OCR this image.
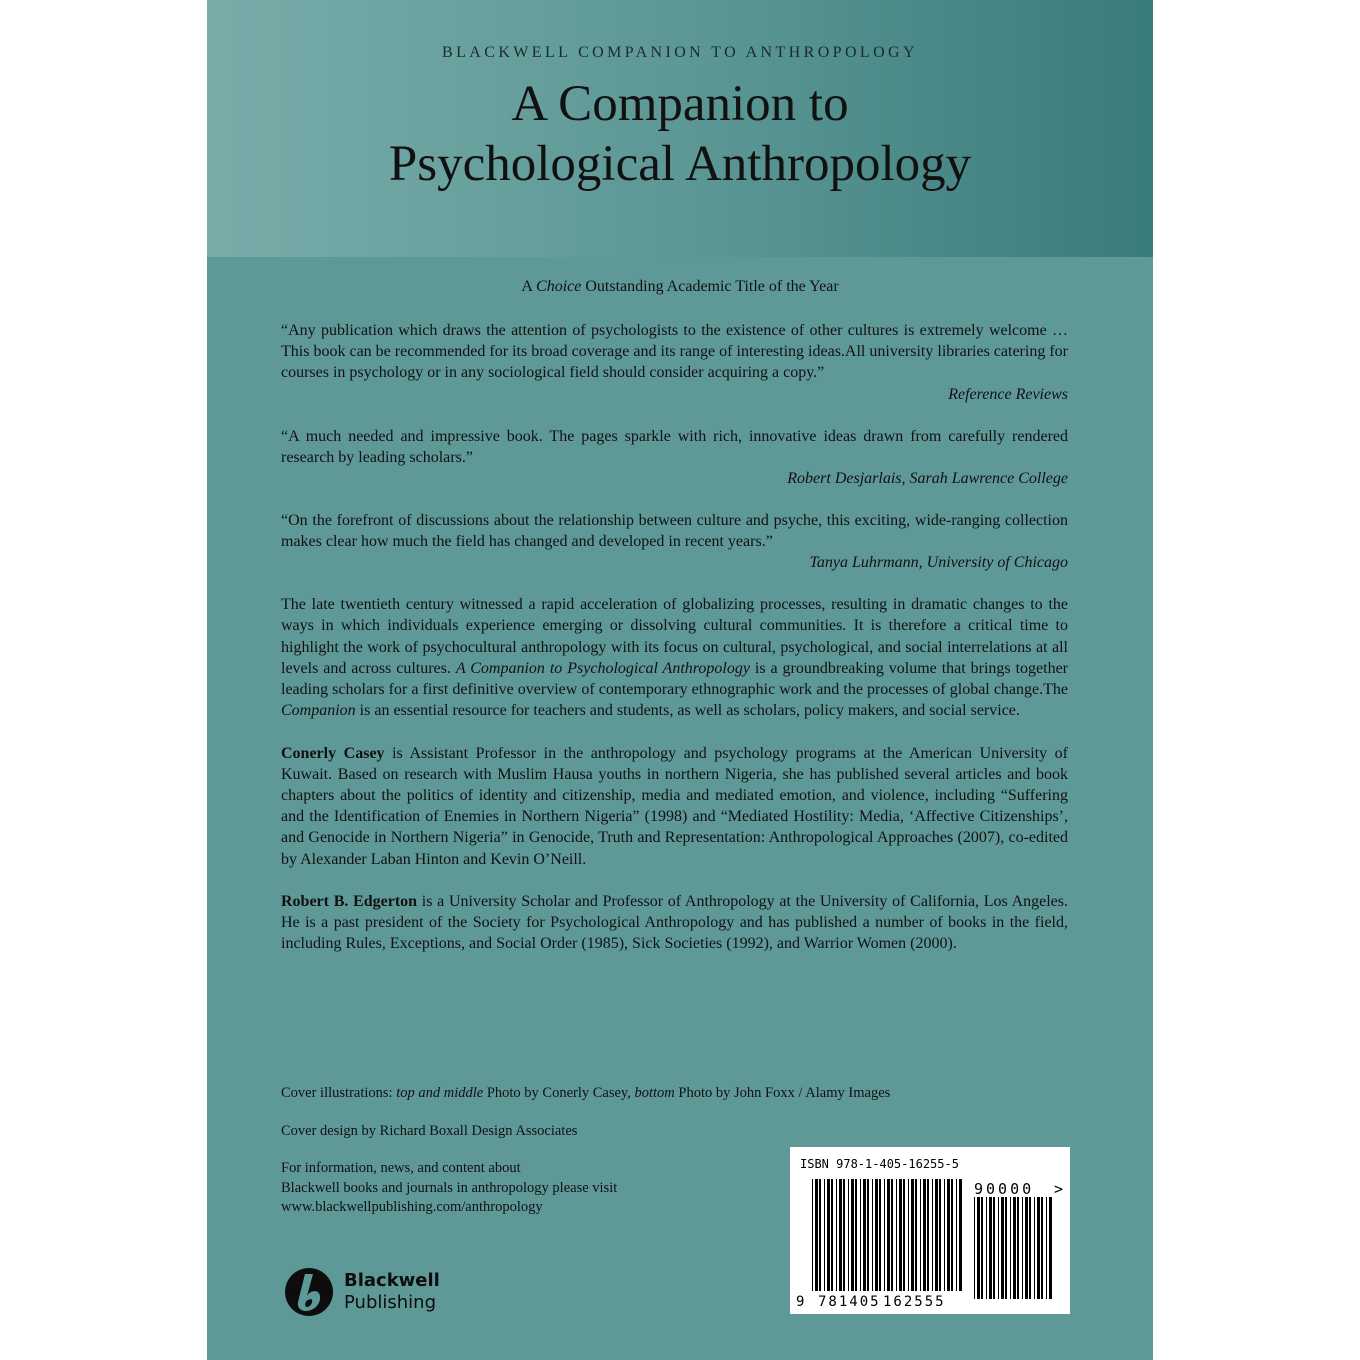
BLACKWELL COMPANION TO ANTHROPOLOGY
A Companion to
Psychological Anthropology
A Choice Outstanding Academic Title of the Year

“Any publication which draws the attention of psychologists to the existence of other cultures is extremely welcome …This book can be recommended for its broad coverage and its range of interesting ideas.All university libraries catering for courses in psychology or in any sociological field should consider acquiring a copy.”

Reference Reviews

“A much needed and impressive book. The pages sparkle with rich, innovative ideas drawn from carefully rendered research by leading scholars.”

Robert Desjarlais, Sarah Lawrence College

“On the forefront of discussions about the relationship between culture and psyche, this exciting, wide-ranging collection makes clear how much the field has changed and developed in recent years.”

Tanya Luhrmann, University of Chicago

The late twentieth century witnessed a rapid acceleration of globalizing processes, resulting in dramatic changes to the ways in which individuals experience emerging or dissolving cultural communities. It is therefore a critical time to highlight the work of psychocultural anthropology with its focus on cultural, psychological, and social interrelations at all levels and across cultures. A Companion to Psychological Anthropology is a groundbreaking volume that brings together leading scholars for a first definitive overview of contemporary ethnographic work and the processes of global change.The Companion is an essential resource for teachers and students, as well as scholars, policy makers, and social service.

Conerly Casey is Assistant Professor in the anthropology and psychology programs at the American University of Kuwait. Based on research with Muslim Hausa youths in northern Nigeria, she has published several articles and book chapters about the politics of identity and citizenship, media and mediated emotion, and violence, including “Suffering and the Identification of Enemies in Northern Nigeria” (1998) and “Mediated Hostility: Media, ‘Affective Citizenships’, and Genocide in Northern Nigeria” in Genocide, Truth and Representation: Anthropological Approaches (2007), co-edited by Alexander Laban Hinton and Kevin O’Neill.

Robert B. Edgerton is a University Scholar and Professor of Anthropology at the University of California, Los Angeles. He is a past president of the Society for Psychological Anthropology and has published a number of books in the field, including Rules, Exceptions, and Social Order (1985), Sick Societies (1992), and Warrior Women (2000).

Cover illustrations: top and middle Photo by Conerly Casey, bottom Photo by John Foxx / Alamy Images

Cover design by Richard Boxall Design Associates

For information, news, and content about

Blackwell books and journals in anthropology please visit

www.blackwellpublishing.com/anthropology

ISBN 978-1-405-16255-5
9 781405 162555
90000 >
Blackwell
Publishing
